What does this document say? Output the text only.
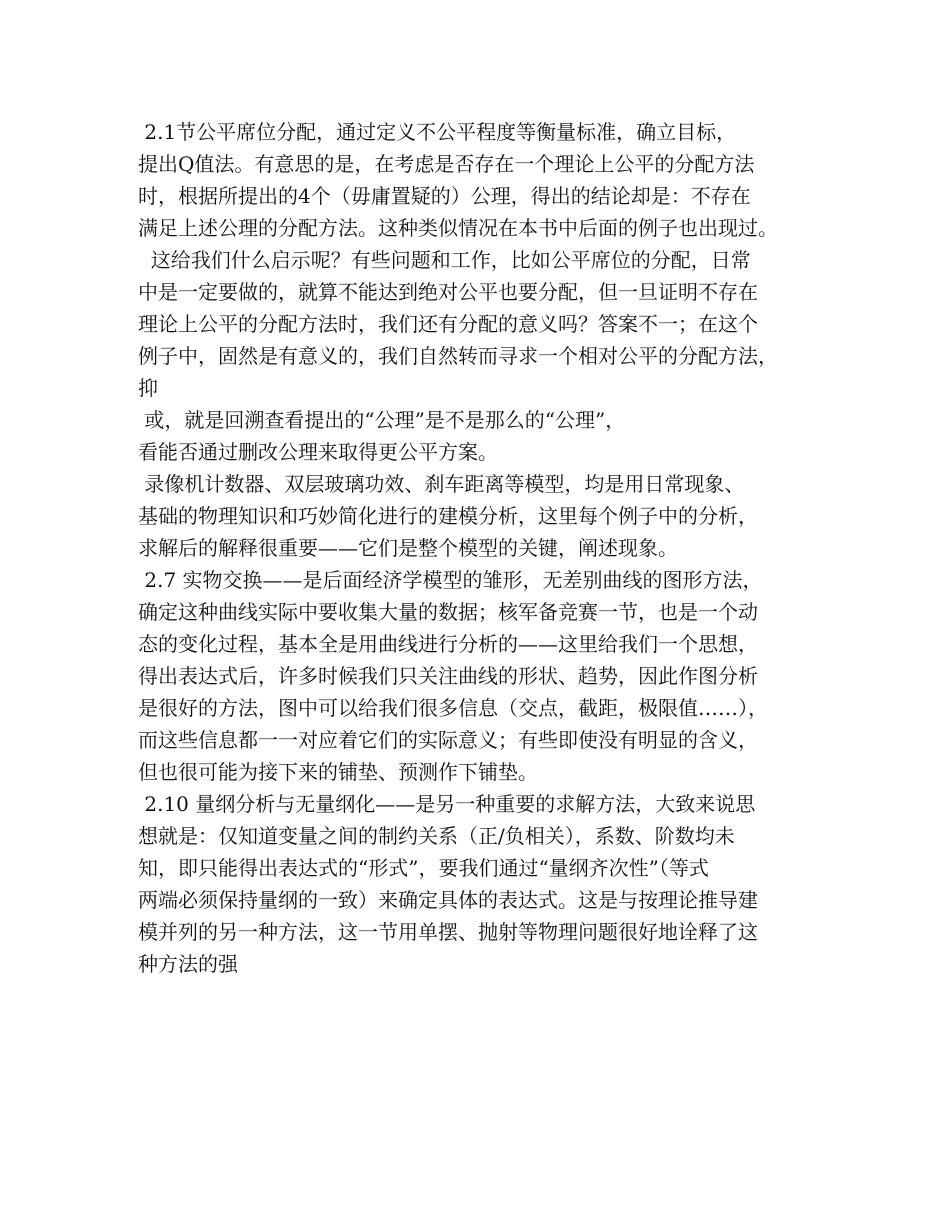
2.1节公平席位分配，通过定义不公平程度等衡量标准，确立目标，
提出Q值法。有意思的是，在考虑是否存在一个理论上公平的分配方法
时，根据所提出的4个（毋庸置疑的）公理，得出的结论却是：不存在
满足上述公理的分配方法。这种类似情况在本书中后面的例子也出现过。
这给我们什么启示呢？有些问题和工作，比如公平席位的分配，日常
中是一定要做的，就算不能达到绝对公平也要分配，但一旦证明不存在
理论上公平的分配方法时，我们还有分配的意义吗？答案不一；在这个
例子中，固然是有意义的，我们自然转而寻求一个相对公平的分配方法，
抑
或，就是回溯查看提出的“公理”是不是那么的“公理”，
看能否通过删改公理来取得更公平方案。
录像机计数器、双层玻璃功效、刹车距离等模型，均是用日常现象、
基础的物理知识和巧妙简化进行的建模分析，这里每个例子中的分析，
求解后的解释很重要——它们是整个模型的关键，阐述现象。
2.7 实物交换——是后面经济学模型的雏形，无差别曲线的图形方法，
确定这种曲线实际中要收集大量的数据；核军备竞赛一节，也是一个动
态的变化过程，基本全是用曲线进行分析的——这里给我们一个思想，
得出表达式后，许多时候我们只关注曲线的形状、趋势，因此作图分析
是很好的方法，图中可以给我们很多信息（交点，截距，极限值……），
而这些信息都一一对应着它们的实际意义；有些即使没有明显的含义，
但也很可能为接下来的铺垫、预测作下铺垫。
2.10 量纲分析与无量纲化——是另一种重要的求解方法，大致来说思
想就是：仅知道变量之间的制约关系（正/负相关），系数、阶数均未
知，即只能得出表达式的“形式”，要我们通过“量纲齐次性”（等式
两端必须保持量纲的一致）来确定具体的表达式。这是与按理论推导建
模并列的另一种方法，这一节用单摆、抛射等物理问题很好地诠释了这
种方法的强
